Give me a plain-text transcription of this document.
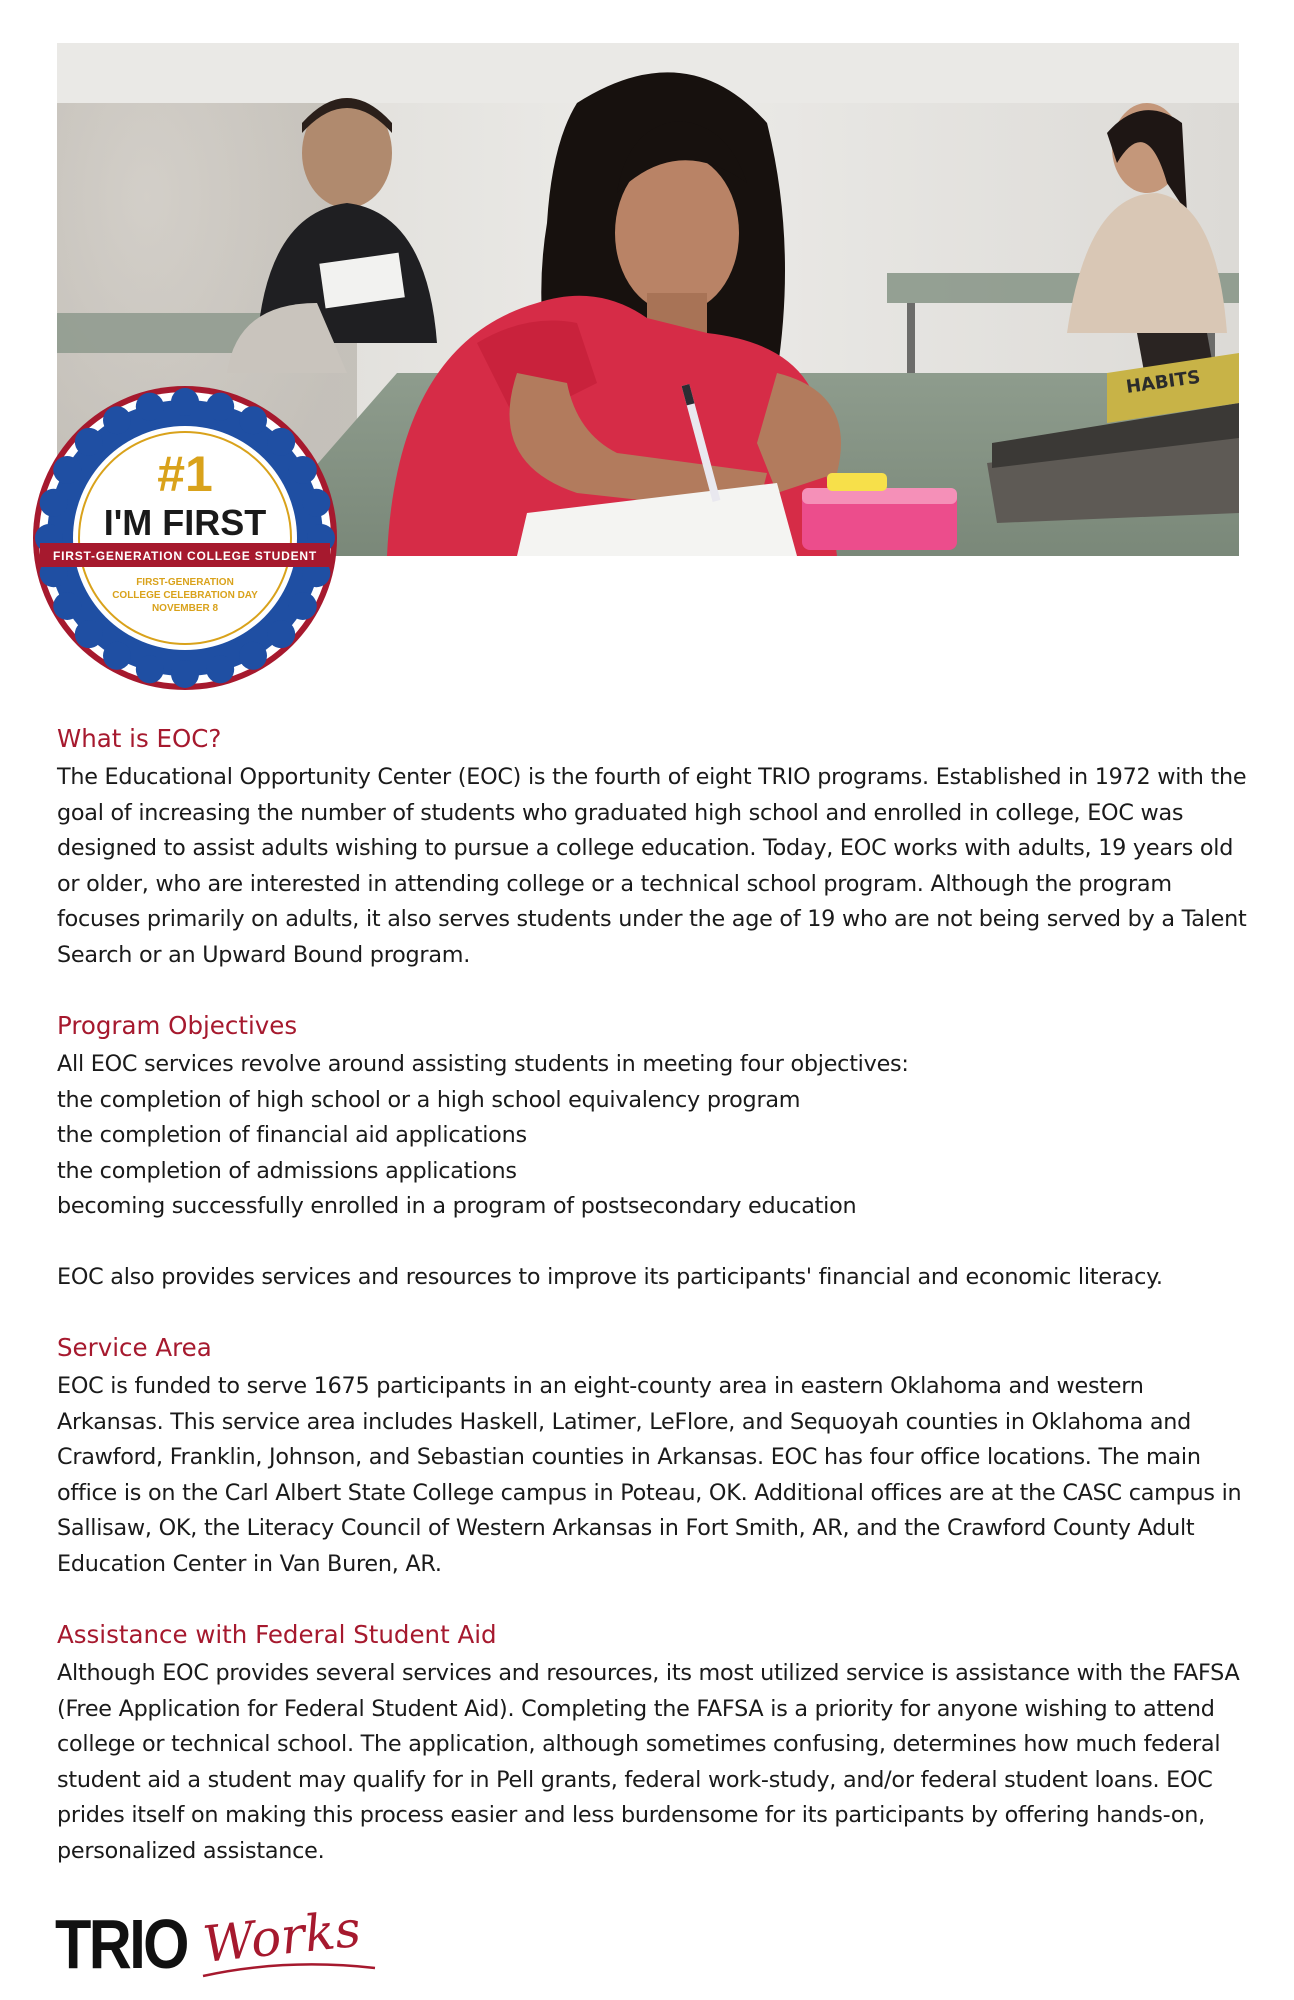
HABITS
#1
I'M FIRST
FIRST-GENERATION COLLEGE STUDENT
FIRST-GENERATION
COLLEGE CELEBRATION DAY
NOVEMBER 8
What is EOC?

The Educational Opportunity Center (EOC) is the fourth of eight TRIO programs. Established in 1972 with the goal of increasing the number of students who graduated high school and enrolled in college, EOC was designed to assist adults wishing to pursue a college education. Today, EOC works with adults, 19 years old or older, who are interested in attending college or a technical school program. Although the program focuses primarily on adults, it also serves students under the age of 19 who are not being served by a Talent Search or an Upward Bound program.

Program Objectives

All EOC services revolve around assisting students in meeting four objectives:

the completion of high school or a high school equivalency program
the completion of financial aid applications
the completion of admissions applications
becoming successfully enrolled in a program of postsecondary education

EOC also provides services and resources to improve its participants' financial and economic literacy.

Service Area

EOC is funded to serve 1675 participants in an eight-county area in eastern Oklahoma and western Arkansas. This service area includes Haskell, Latimer, LeFlore, and Sequoyah counties in Oklahoma and Crawford, Franklin, Johnson, and Sebastian counties in Arkansas. EOC has four office locations. The main office is on the Carl Albert State College campus in Poteau, OK. Additional offices are at the CASC campus in Sallisaw, OK, the Literacy Council of Western Arkansas in Fort Smith, AR, and the Crawford County Adult Education Center in Van Buren, AR.

Assistance with Federal Student Aid

Although EOC provides several services and resources, its most utilized service is assistance with the FAFSA (Free Application for Federal Student Aid). Completing the FAFSA is a priority for anyone wishing to attend college or technical school. The application, although sometimes confusing, determines how much federal student aid a student may qualify for in Pell grants, federal work-study, and/or federal student loans. EOC prides itself on making this process easier and less burdensome for its participants by offering hands-on, personalized assistance.

TRIO Works
